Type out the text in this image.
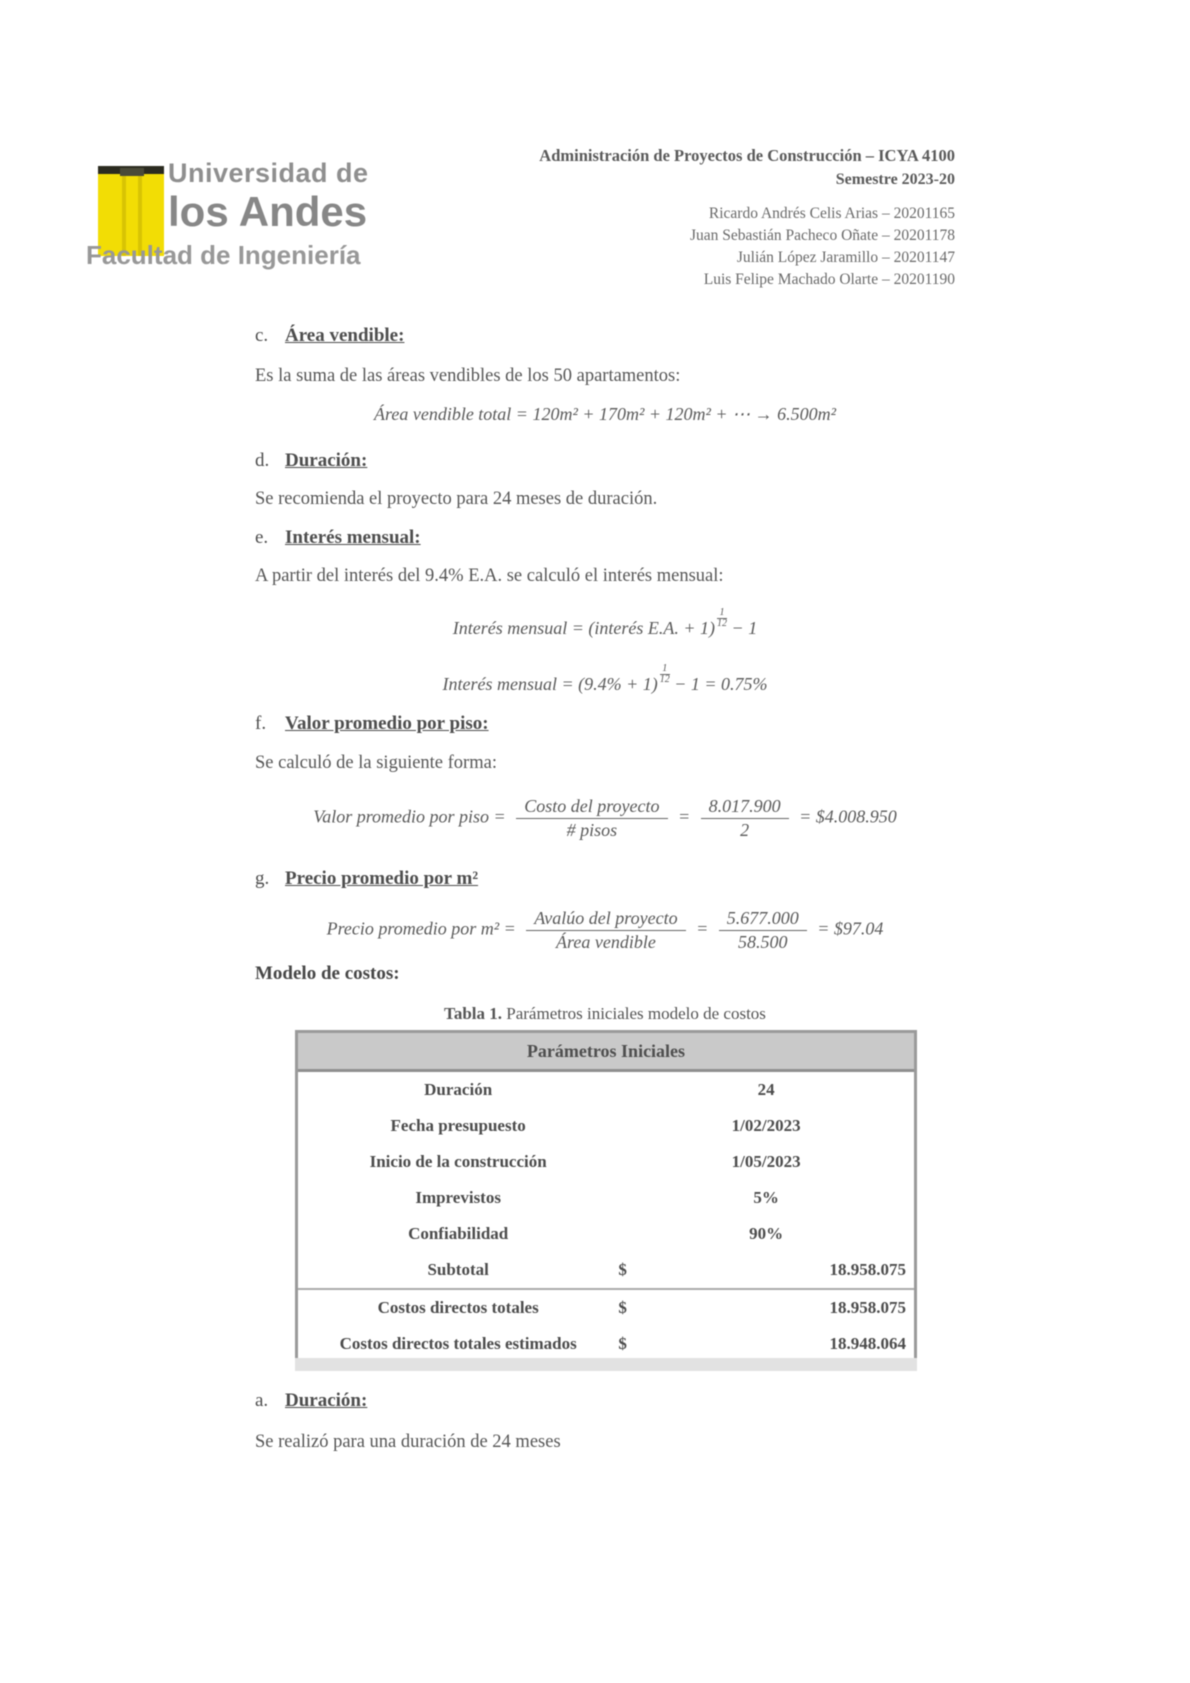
Universidad de
los Andes
Facultad de Ingeniería
Administración de Proyectos de Construcción – ICYA 4100
Semestre 2023-20
Ricardo Andrés Celis Arias – 20201165
Juan Sebastián Pacheco Oñate – 20201178
Julián López Jaramillo – 20201147
Luis Felipe Machado Olarte – 20201190
c. Área vendible:
Es la suma de las áreas vendibles de los 50 apartamentos:
Área vendible total = 120m² + 170m² + 120m² + ⋯ → 6.500m²
d. Duración:
Se recomienda el proyecto para 24 meses de duración.
e. Interés mensual:
A partir del interés del 9.4% E.A. se calculó el interés mensual:
Interés mensual = (interés E.A. + $1) \frac{1}{12} - 1$
Interés mensual = $(9.4\% + 1) \frac{1}{12} - 1 = 0.75\%$
f. Valor promedio por piso:
Se calculó de la siguiente forma:
Valor promedio por piso = $\frac{\text{Costo del proyecto}}{\text{\# pisos}} = \frac{8.017.900}{2}$ = $4.008.950
g. Precio promedio por m²
Precio promedio por $m^2 = \frac{\text{Avalúo del proyecto}}{\text{Área vendible}} = \frac{5.677.000}{58.500}$ = $97.04
Modelo de costos:
Tabla 1. Parámetros iniciales modelo de costos
Parámetros Iniciales
Duración	24
Fecha presupuesto	1/02/2023
Inicio de la construcción	1/05/2023
Imprevistos	5%
Confiabilidad	90%
Subtotal	$	18.958.075
Costos directos totales	$	18.958.075
Costos directos totales estimados	$	18.948.064
a. Duración:
Se realizó para una duración de 24 meses
